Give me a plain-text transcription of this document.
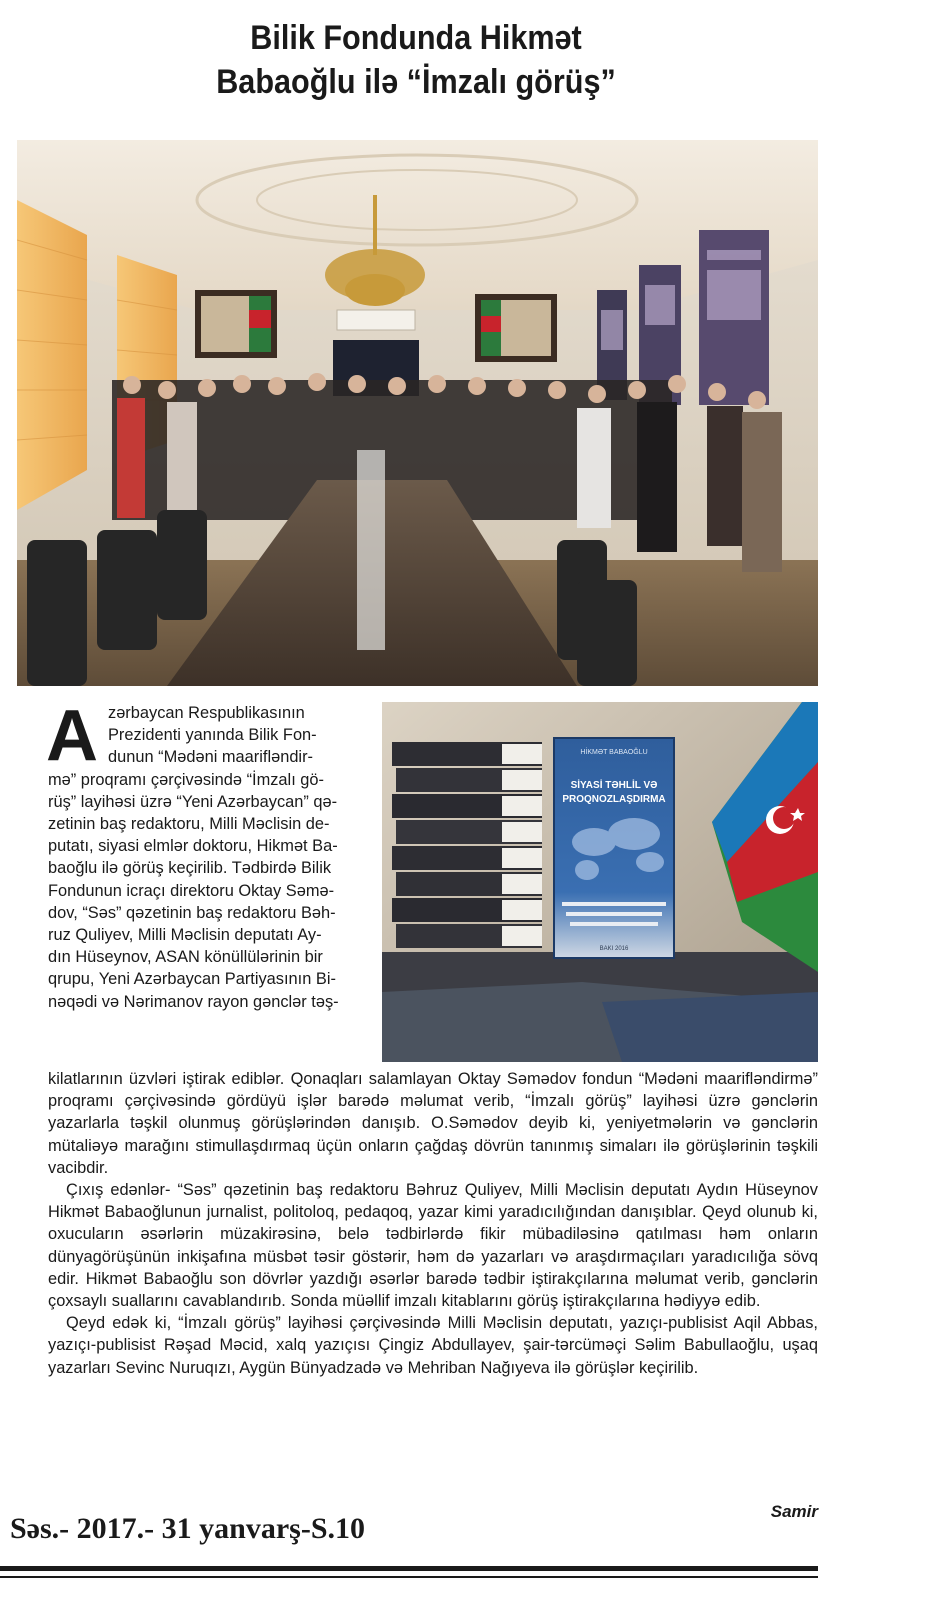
Bilik Fondunda Hikmət
Babaoğlu ilə “İmzalı görüş”
A zərbaycan Respublikasının
Prezidenti yanında Bilik Fon-
dunun “Mədəni maarifləndir-
mə” proqramı çərçivəsində “İmzalı gö-
rüş” layihəsi üzrə “Yeni Azərbaycan” qə-
zetinin baş redaktoru, Milli Məclisin de-
putatı, siyasi elmlər doktoru, Hikmət Ba-
baoğlu ilə görüş keçirilib. Tədbirdə Bilik
Fondunun icraçı direktoru Oktay Səmə-
dov, “Səs” qəzetinin baş redaktoru Bəh-
ruz Quliyev, Milli Məclisin deputatı Ay-
dın Hüseynov, ASAN könüllülərinin bir
qrupu, Yeni Azərbaycan Partiyasının Bi-
nəqədi və Nərimanov rayon gənclər təş-
HİKMƏT BABAOĞLU
SİYASİ TƏHLİL VƏ
PROQNOZLAŞDIRMA
BAKI 2016

kilatlarının üzvləri iştirak ediblər. Qonaqları salamlayan Oktay Səmədov fondun “Mədəni maarifləndirmə” proqramı çərçivəsində gördüyü işlər barədə məlumat verib, “İmzalı görüş” layihəsi üzrə gənclərin yazarlarla təşkil olunmuş görüşlərindən danışıb. O.Səmədov deyib ki, yeniyetmələrin və gənclərin mütaliəyə marağını stimullaşdırmaq üçün onların çağdaş dövrün tanınmış simaları ilə görüşlərinin təşkili vacibdir.

Çıxış edənlər- “Səs” qəzetinin baş redaktoru Bəhruz Quliyev, Milli Məclisin deputatı Aydın Hüseynov Hikmət Babaoğlunun jurnalist, politoloq, pedaqoq, yazar kimi yaradıcılığından danışıblar. Qeyd olunub ki, oxucuların əsərlərin müzakirəsinə, belə tədbirlərdə fikir mübadiləsinə qatılması həm onların dünyagörüşünün inkişafına müsbət təsir göstərir, həm də yazarları və araşdırmaçıları yaradıcılığa sövq edir. Hikmət Babaoğlu son dövrlər yazdığı əsərlər barədə tədbir iştirakçılarına məlumat verib, gənclərin çoxsaylı suallarını cavablandırıb. Sonda müəllif imzalı kitablarını görüş iştirakçılarına hədiyyə edib.

Qeyd edək ki, “İmzalı görüş” layihəsi çərçivəsində Milli Məclisin deputatı, yazıçı-publisist Aqil Abbas, yazıçı-publisist Rəşad Məcid, xalq yazıçısı Çingiz Abdullayev, şair-tərcüməçi Səlim Babullaoğlu, uşaq yazarları Sevinc Nuruqızı, Aygün Bünyadzadə və Mehriban Nağıyeva ilə görüşlər keçirilib.

Samir
Səs.- 2017.- 31 yanvarş-S.10
